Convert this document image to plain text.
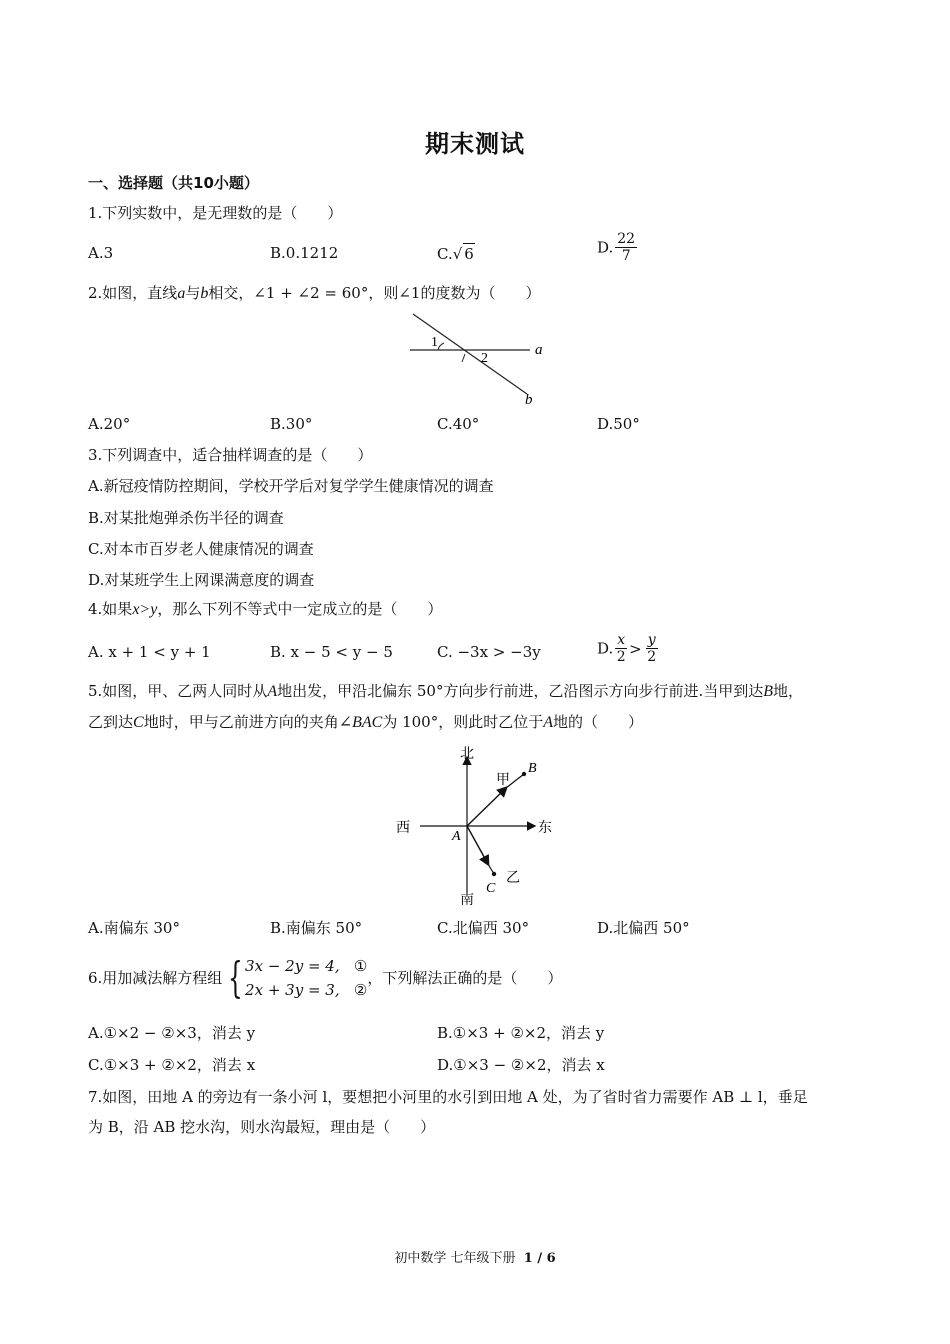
期末测试
一、选择题（共10小题）
1.下列实数中，是无理数的是（　　）
A.3	B.0.1212	C.√ 6	D. $\frac{22}{7}$
2.如图，直线a与b相交，∠1 + ∠2 = 60°，则∠1的度数为（　　）
1
2
a
b
A.20°	B.30°	C.40°	D.50°
3.下列调查中，适合抽样调查的是（　　）
A.新冠疫情防控期间，学校开学后对复学学生健康情况的调查
B.对某批炮弹杀伤半径的调查
C.对本市百岁老人健康情况的调查
D.对某班学生上网课满意度的调查
4.如果x>y，那么下列不等式中一定成立的是（　　）
A. x + 1 < y + 1	B. x − 5 < y − 5	C. −3x > −3y	D. $\frac{x}{2} > \frac{y}{2}$
5.如图，甲、乙两人同时从A地出发，甲沿北偏东 50°方向步行前进，乙沿图示方向步行前进.当甲到达B地，
乙到达C地时，甲与乙前进方向的夹角∠BAC为 100°，则此时乙位于A地的（　　）
北
南
西	东
甲
B
A
乙
C
A.南偏东 30°	B.南偏东 50°	C.北偏西 30°	D.北偏西 50°
6.用加减法解方程组 { 3x − 2y = 4, ①
2x + 3y = 3, ②
，下列解法正确的是（　　）
A.①×2 − ②×3，消去 y	B.①×3 + ②×2，消去 y
C.①×3 + ②×2，消去 x	D.①×3 − ②×2，消去 x
7.如图，田地 A 的旁边有一条小河 l，要想把小河里的水引到田地 A 处，为了省时省力需要作 AB ⊥ l，垂足
为 B，沿 AB 挖水沟，则水沟最短，理由是（　　）
初中数学 七年级下册 1 / 6
